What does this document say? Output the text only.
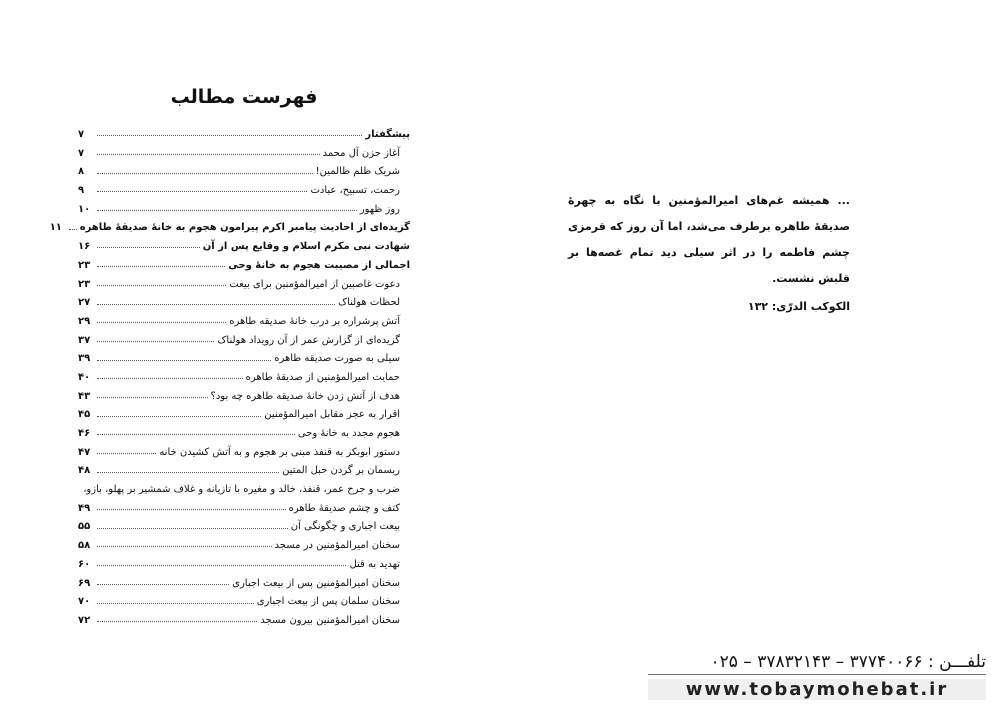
فهرست مطالب
پیشگفتار
۷
آغاز حزن آل محمد
۷
شریک ظلم ظالمین!
۸
رحمت، تسبیح، عبادت
۹
روز ظهور
۱۰
گزیده‌ای از احادیث پیامبر اکرم پیرامون هجوم به خانهٔ صدیقهٔ طاهره
۱۱
شهادت نبی مکرم اسلام و وقایع پس از آن
۱۶
اجمالی از مصیبت هجوم به خانهٔ وحی
۲۳
دعوت غاصبین از امیرالمؤمنین برای بیعت
۲۳
لحظات هولناک
۲۷
آتش پرشراره بر درب خانهٔ صدیقه طاهره
۲۹
گزیده‌ای از گزارش عمر از آن رویداد هولناک
۳۷
سیلی به صورت صدیقه طاهره
۳۹
حمایت امیرالمؤمنین از صدیقهٔ طاهره
۴۰
هدف از آتش زدن خانهٔ صدیقه طاهره چه بود؟
۴۳
اقرار به عجز مقابل امیرالمؤمنین
۴۵
هجوم مجدد به خانهٔ وحی
۴۶
دستور ابوبکر به قنفذ مبنی بر هجوم و به آتش کشیدن خانه
۴۷
ریسمان بر گردن حبل المتین
۴۸
ضرب و جرح عمر، قنفذ، خالد و مغیره با تازیانه و غلاف شمشیر بر پهلو، بازو،
کتف و چشم صدیقهٔ طاهره
۴۹
بیعت اجباری و چگونگی آن
۵۵
سخنان امیرالمؤمنین در مسجد
۵۸
تهدید به قتل
۶۰
سخنان امیرالمؤمنین پس از بیعت اجباری
۶۹
سخنان سلمان پس از بیعت اجباری
۷۰
سخنان امیرالمؤمنین بیرون مسجد
۷۲
... همیشه غم‌های امیرالمؤمنین با نگاه به چهرهٔ صدیقهٔ طاهره برطرف می‌شد، اما آن روز که قرمزی چشم فاطمه را در اثر سیلی دید تمام غصه‌ها بر قلبش نشست.
الکوکب الدرّی: ۱۳۲
تلفـــن : ۳۷۷۴۰۰۶۶ – ۳۷۸۳۲۱۴۳ – ۰۲۵
www.tobaymohebat.ir
